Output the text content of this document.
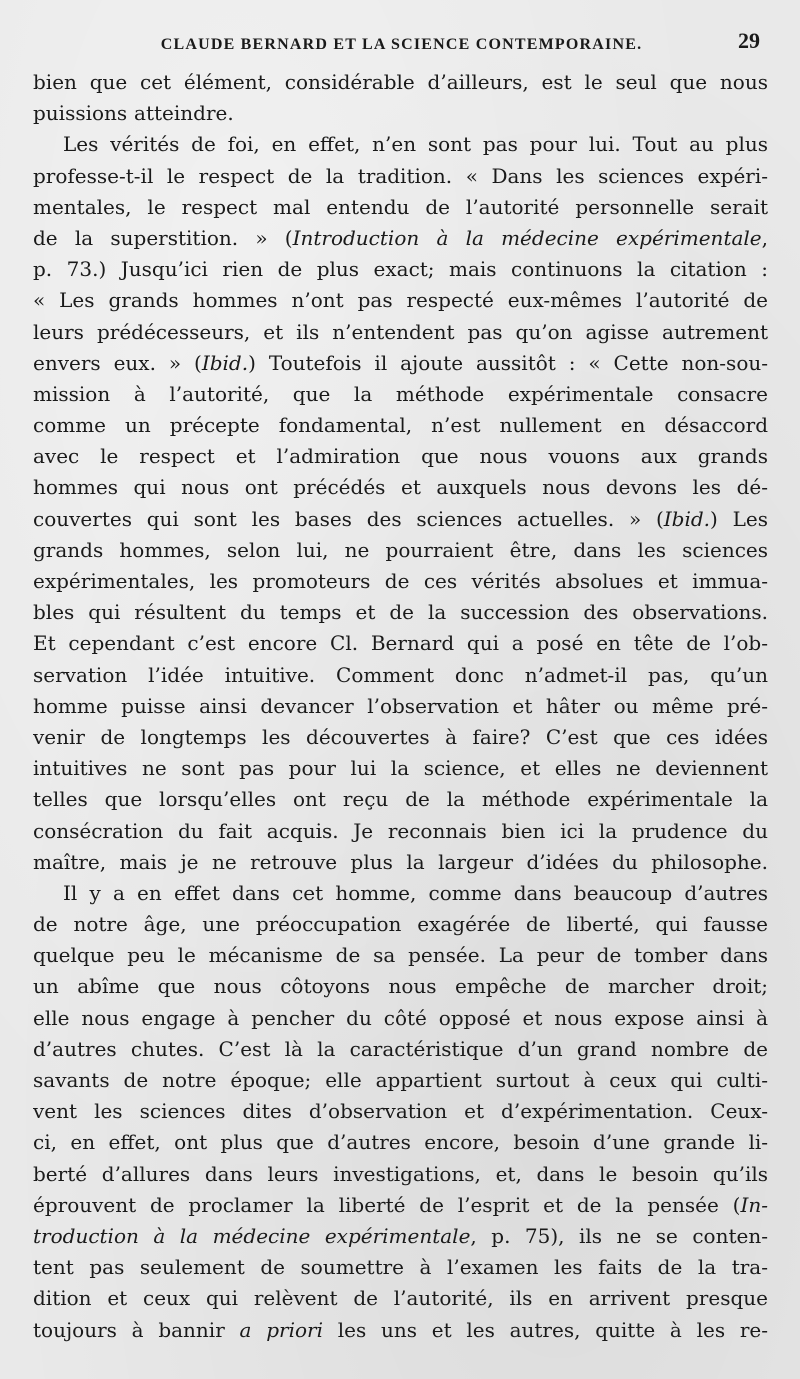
CLAUDE BERNARD ET LA SCIENCE CONTEMPORAINE.	29
bien que cet élément, considérable d’ailleurs, est le seul que nous
puissions atteindre.
Les vérités de foi, en effet, n’en sont pas pour lui. Tout au plus
professe-t-il le respect de la tradition. « Dans les sciences expéri-
mentales, le respect mal entendu de l’autorité personnelle serait
de la superstition. » (Introduction à la médecine expérimentale,
p. 73.) Jusqu’ici rien de plus exact; mais continuons la citation :
« Les grands hommes n’ont pas respecté eux-mêmes l’autorité de
leurs prédécesseurs, et ils n’entendent pas qu’on agisse autrement
envers eux. » (Ibid.) Toutefois il ajoute aussitôt : « Cette non-sou-
mission à l’autorité, que la méthode expérimentale consacre
comme un précepte fondamental, n’est nullement en désaccord
avec le respect et l’admiration que nous vouons aux grands
hommes qui nous ont précédés et auxquels nous devons les dé-
couvertes qui sont les bases des sciences actuelles. » (Ibid.) Les
grands hommes, selon lui, ne pourraient être, dans les sciences
expérimentales, les promoteurs de ces vérités absolues et immua-
bles qui résultent du temps et de la succession des observations.
Et cependant c’est encore Cl. Bernard qui a posé en tête de l’ob-
servation l’idée intuitive. Comment donc n’admet-il pas, qu’un
homme puisse ainsi devancer l’observation et hâter ou même pré-
venir de longtemps les découvertes à faire? C’est que ces idées
intuitives ne sont pas pour lui la science, et elles ne deviennent
telles que lorsqu’elles ont reçu de la méthode expérimentale la
consécration du fait acquis. Je reconnais bien ici la prudence du
maître, mais je ne retrouve plus la largeur d’idées du philosophe.
Il y a en effet dans cet homme, comme dans beaucoup d’autres
de notre âge, une préoccupation exagérée de liberté, qui fausse
quelque peu le mécanisme de sa pensée. La peur de tomber dans
un abîme que nous côtoyons nous empêche de marcher droit;
elle nous engage à pencher du côté opposé et nous expose ainsi à
d’autres chutes. C’est là la caractéristique d’un grand nombre de
savants de notre époque; elle appartient surtout à ceux qui culti-
vent les sciences dites d’observation et d’expérimentation. Ceux-
ci, en effet, ont plus que d’autres encore, besoin d’une grande li-
berté d’allures dans leurs investigations, et, dans le besoin qu’ils
éprouvent de proclamer la liberté de l’esprit et de la pensée (In-
troduction à la médecine expérimentale, p. 75), ils ne se conten-
tent pas seulement de soumettre à l’examen les faits de la tra-
dition et ceux qui relèvent de l’autorité, ils en arrivent presque
toujours à bannir a priori les uns et les autres, quitte à les re-
